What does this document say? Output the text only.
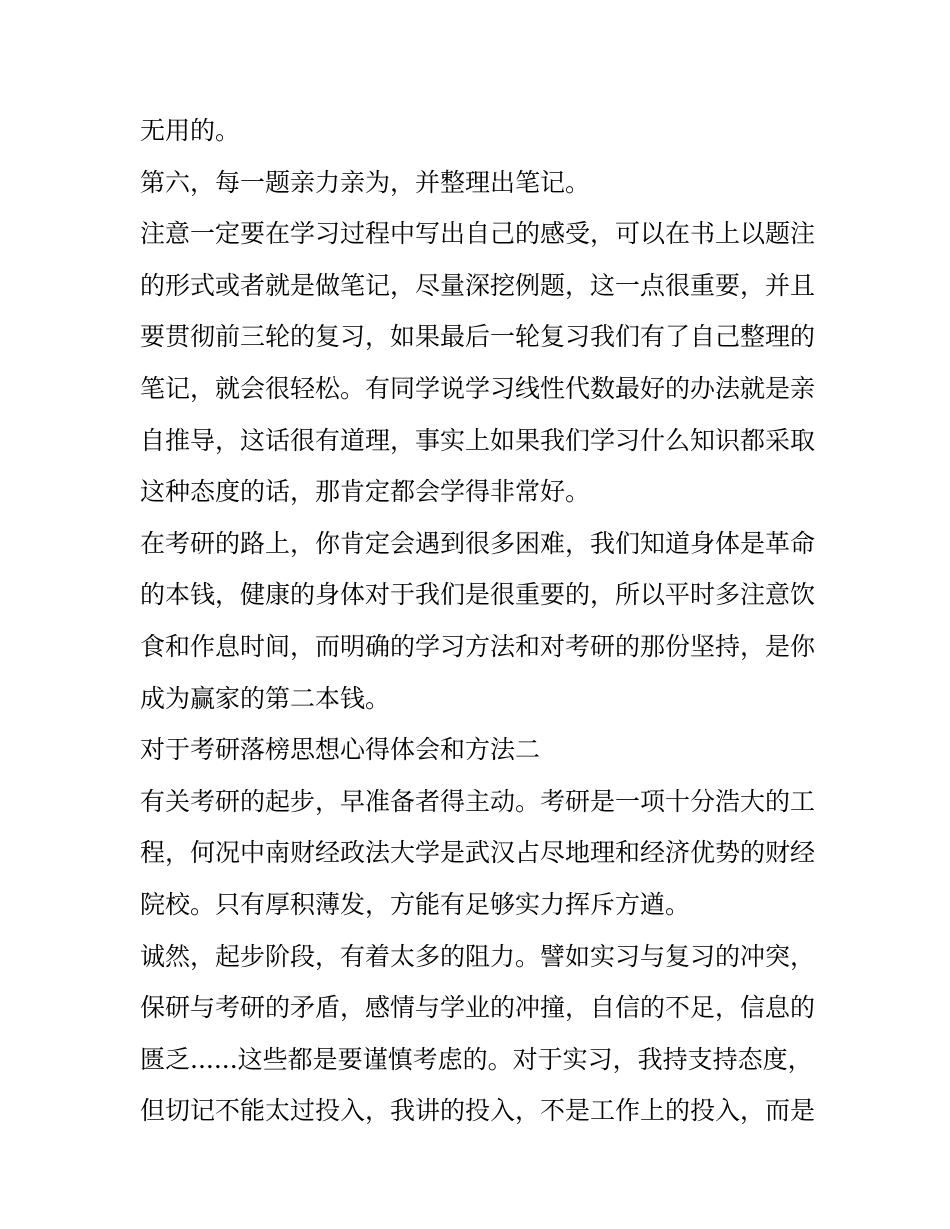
无用的。
第六，每一题亲力亲为，并整理出笔记。
注意一定要在学习过程中写出自己的感受，可以在书上以题注
的形式或者就是做笔记，尽量深挖例题，这一点很重要，并且
要贯彻前三轮的复习，如果最后一轮复习我们有了自己整理的
笔记，就会很轻松。有同学说学习线性代数最好的办法就是亲
自推导，这话很有道理，事实上如果我们学习什么知识都采取
这种态度的话，那肯定都会学得非常好。
在考研的路上，你肯定会遇到很多困难，我们知道身体是革命
的本钱，健康的身体对于我们是很重要的，所以平时多注意饮
食和作息时间，而明确的学习方法和对考研的那份坚持，是你
成为赢家的第二本钱。
对于考研落榜思想心得体会和方法二
有关考研的起步，早准备者得主动。考研是一项十分浩大的工
程，何况中南财经政法大学是武汉占尽地理和经济优势的财经
院校。只有厚积薄发，方能有足够实力挥斥方遒。
诚然，起步阶段，有着太多的阻力。譬如实习与复习的冲突，
保研与考研的矛盾，感情与学业的冲撞，自信的不足，信息的
匮乏......这些都是要谨慎考虑的。对于实习，我持支持态度，
但切记不能太过投入，我讲的投入，不是工作上的投入，而是
